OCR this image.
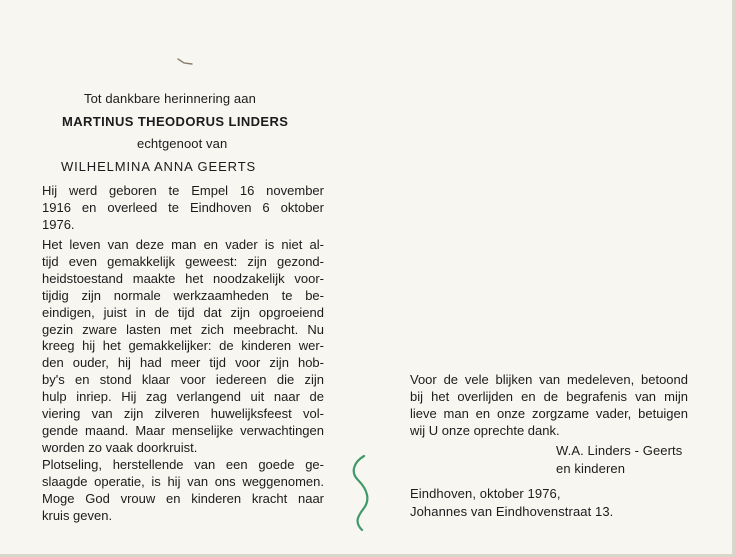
Tot dankbare herinnering aan
MARTINUS THEODORUS LINDERS
echtgenoot van
WILHELMINA ANNA GEERTS
Hij werd geboren te Empel 16 november
1916 en overleed te Eindhoven 6 oktober
1976.
Het leven van deze man en vader is niet al-
tijd even gemakkelijk geweest: zijn gezond-
heidstoestand maakte het noodzakelijk voor-
tijdig zijn normale werkzaamheden te be-
eindigen, juist in de tijd dat zijn opgroeiend
gezin zware lasten met zich meebracht. Nu
kreeg hij het gemakkelijker: de kinderen wer-
den ouder, hij had meer tijd voor zijn hob-
by's en stond klaar voor iedereen die zijn
hulp inriep. Hij zag verlangend uit naar de
viering van zijn zilveren huwelijksfeest vol-
gende maand. Maar menselijke verwachtingen
worden zo vaak doorkruist.
Plotseling, herstellende van een goede ge-
slaagde operatie, is hij van ons weggenomen.
Moge God vrouw en kinderen kracht naar
kruis geven.
Voor de vele blijken van medeleven, betoond
bij het overlijden en de begrafenis van mijn
lieve man en onze zorgzame vader, betuigen
wij U onze oprechte dank.
W.A. Linders - Geerts
en kinderen
Eindhoven, oktober 1976,
Johannes van Eindhovenstraat 13.
